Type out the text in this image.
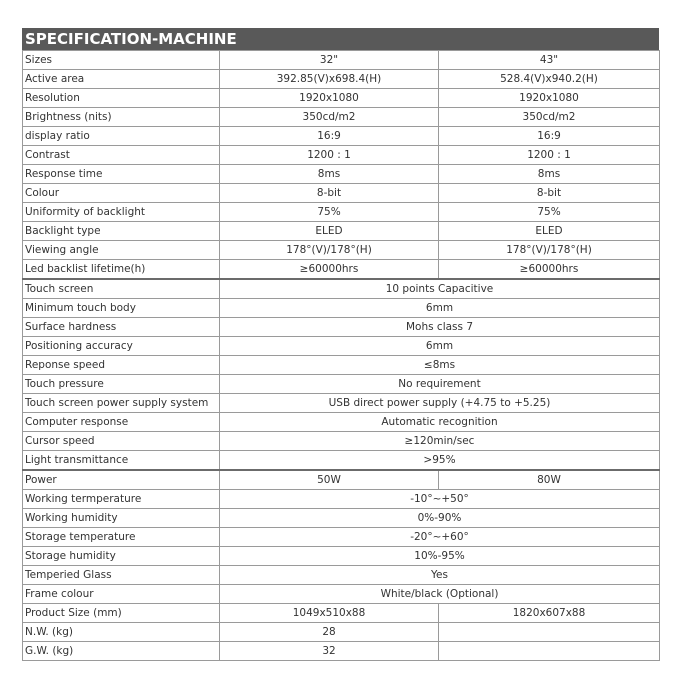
SPECIFICATION-MACHINE
Sizes	32"	43"
Active area	392.85(V)x698.4(H)	528.4(V)x940.2(H)
Resolution	1920x1080	1920x1080
Brightness (nits)	350cd/m2	350cd/m2
display ratio	16:9	16:9
Contrast	1200 : 1	1200 : 1
Response time	8ms	8ms
Colour	8-bit	8-bit
Uniformity of backlight	75%	75%
Backlight type	ELED	ELED
Viewing angle	178°(V)/178°(H)	178°(V)/178°(H)
Led backlist lifetime(h)	≥60000hrs	≥60000hrs
Touch screen	10 points Capacitive	
Minimum touch body	6mm	
Surface hardness	Mohs class 7	
Positioning accuracy	6mm	
Reponse speed	≤8ms	
Touch pressure	No requirement	
Touch screen power supply system	USB direct power supply (+4.75 to +5.25)	
Computer response	Automatic recognition	
Cursor speed	≥120min/sec	
Light transmittance	>95%	
Power	50W	80W
Working termperature	-10°~+50°	
Working humidity	0%-90%	
Storage temperature	-20°~+60°	
Storage humidity	10%-95%	
Temperied Glass	Yes	
Frame colour	White/black (Optional)	
Product Size (mm)	1049x510x88	1820x607x88
N.W. (kg)	28	
G.W. (kg)	32	
